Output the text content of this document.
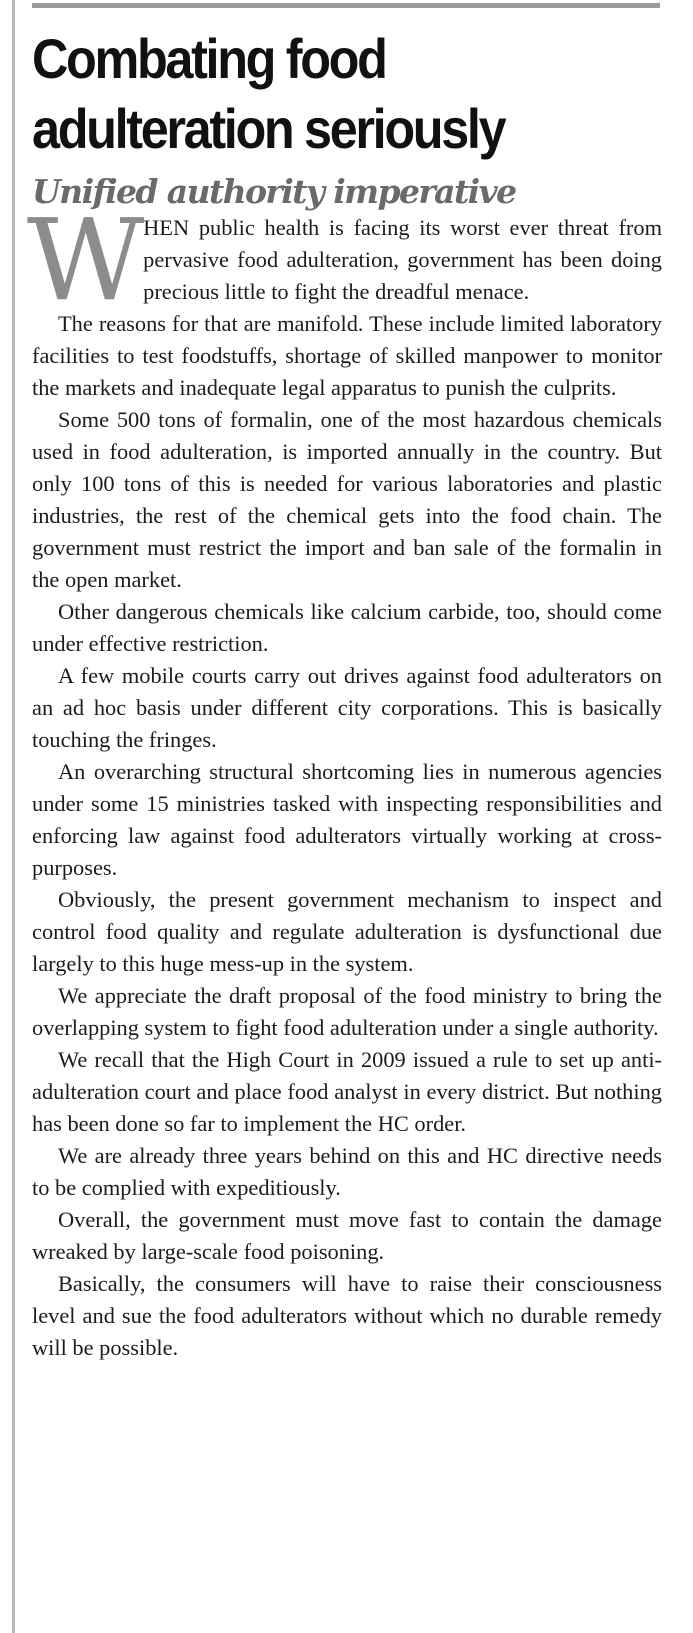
Combating food
adulteration seriously
Unified authority imperative

WHEN public health is facing its worst ever threat from pervasive food adulteration, government has been doing precious little to fight the dreadful menace.

The reasons for that are manifold. These include limited laboratory facilities to test foodstuffs, shortage of skilled manpower to monitor the markets and inadequate legal apparatus to punish the culprits.

Some 500 tons of formalin, one of the most hazardous chemicals used in food adulteration, is imported annually in the country. But only 100 tons of this is needed for various laboratories and plastic industries, the rest of the chemical gets into the food chain. The government must restrict the import and ban sale of the formalin in the open market.

Other dangerous chemicals like calcium carbide, too, should come under effective restriction.

A few mobile courts carry out drives against food adulterators on an ad hoc basis under different city corporations. This is basically touching the fringes.

An overarching structural shortcoming lies in numerous agencies under some 15 ministries tasked with inspecting responsibilities and enforcing law against food adulterators virtually working at cross-purposes.

Obviously, the present government mechanism to inspect and control food quality and regulate adulteration is dysfunctional due largely to this huge mess-up in the system.

We appreciate the draft proposal of the food ministry to bring the overlapping system to fight food adulteration under a single authority.

We recall that the High Court in 2009 issued a rule to set up anti-adulteration court and place food analyst in every district. But nothing has been done so far to implement the HC order.

We are already three years behind on this and HC directive needs to be complied with expeditiously.

Overall, the government must move fast to contain the damage wreaked by large-scale food poisoning.

Basically, the consumers will have to raise their consciousness level and sue the food adulterators without which no durable remedy will be possible.
